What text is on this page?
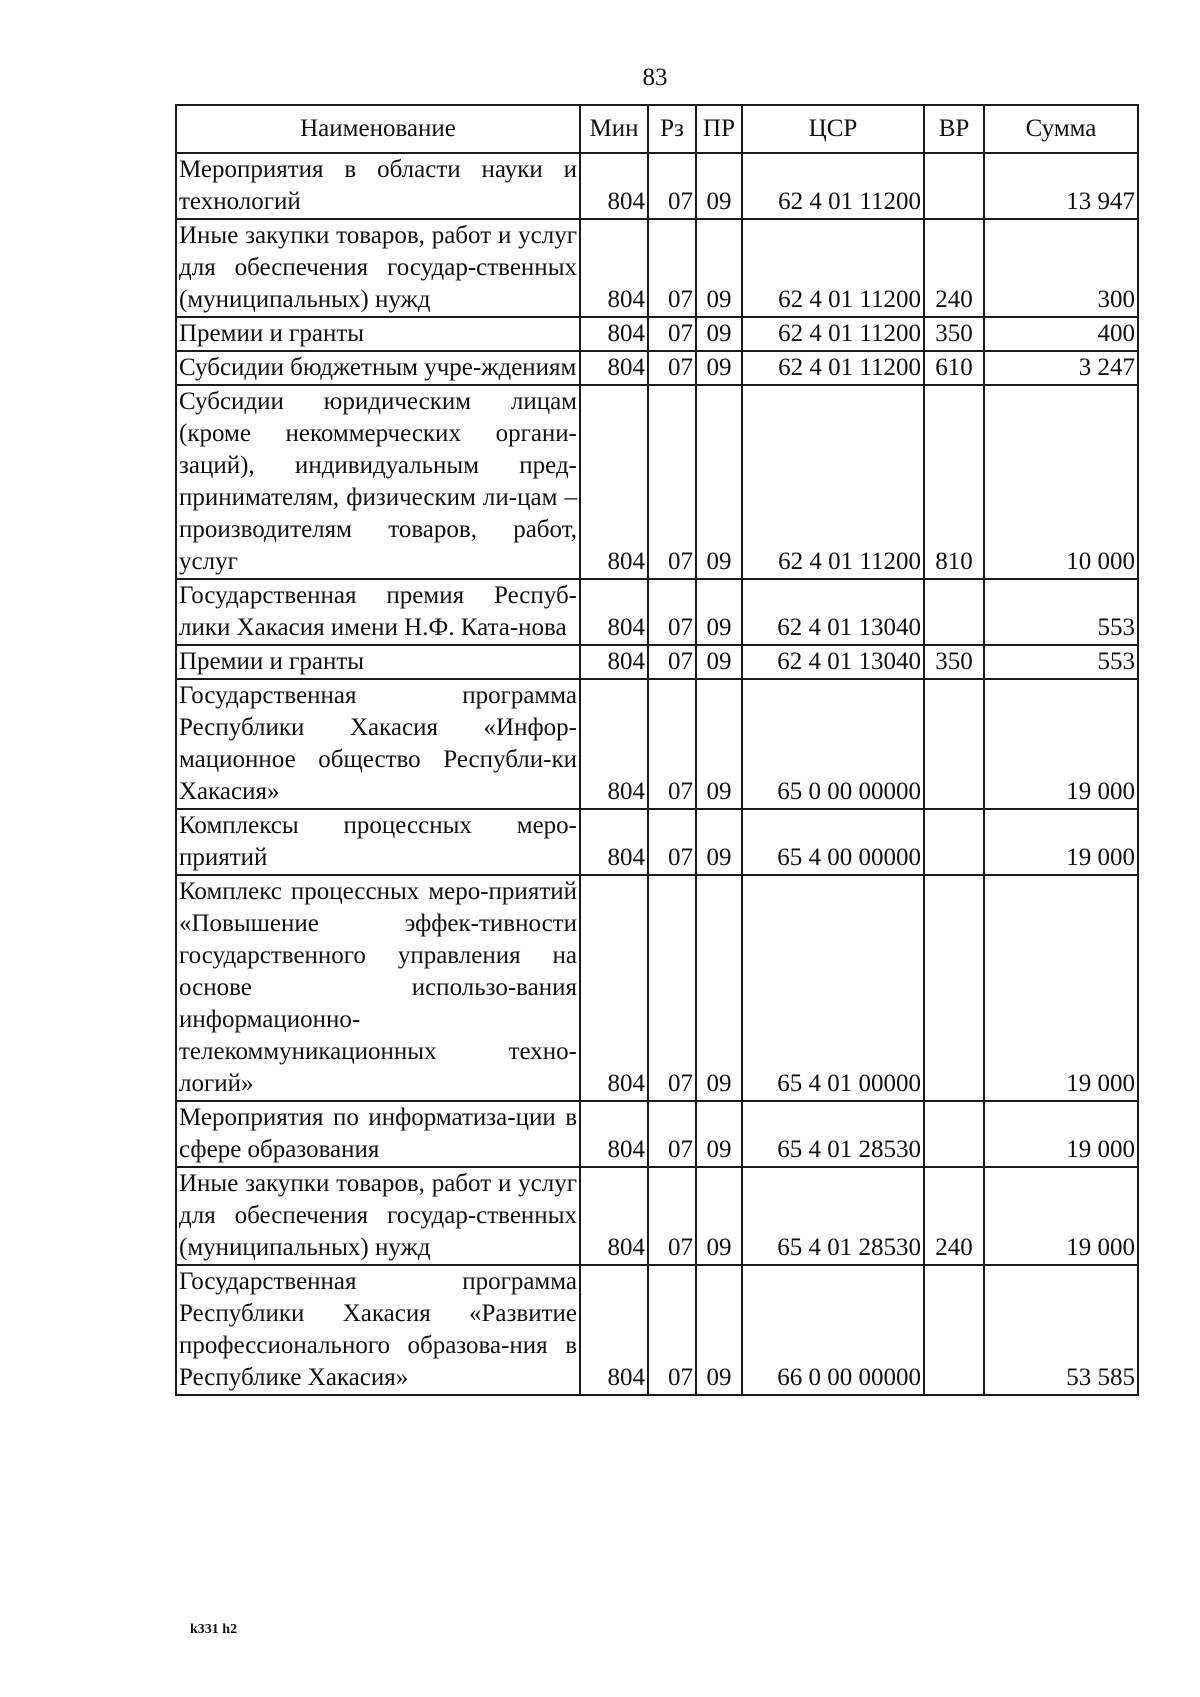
83
Наименование	Мин	Рз	ПР	ЦСР	ВР	Сумма
Мероприятия в области науки и технологий	804	07	09	62 4 01 11200		13 947
Иные закупки товаров, работ и услуг для обеспечения государ-ственных (муниципальных) нужд	804	07	09	62 4 01 11200	240	300
Премии и гранты	804	07	09	62 4 01 11200	350	400
Субсидии бюджетным учре-ждениям	804	07	09	62 4 01 11200	610	3 247
Субсидии юридическим лицам (кроме некоммерческих органи-заций), индивидуальным пред-принимателям, физическим ли-цам – производителям товаров, работ, услуг	804	07	09	62 4 01 11200	810	10 000
Государственная премия Респуб-лики Хакасия имени Н.Ф. Ката-нова	804	07	09	62 4 01 13040		553
Премии и гранты	804	07	09	62 4 01 13040	350	553
Государственная программа Республики Хакасия «Инфор-мационное общество Республи-ки Хакасия»	804	07	09	65 0 00 00000		19 000
Комплексы процессных меро-приятий	804	07	09	65 4 00 00000		19 000
Комплекс процессных меро-приятий «Повышение эффек-тивности государственного управления на основе использо-вания информационно-телекоммуникационных техно-логий»	804	07	09	65 4 01 00000		19 000
Мероприятия по информатиза-ции в сфере образования	804	07	09	65 4 01 28530		19 000
Иные закупки товаров, работ и услуг для обеспечения государ-ственных (муниципальных) нужд	804	07	09	65 4 01 28530	240	19 000
Государственная программа Республики Хакасия «Развитие профессионального образова-ния в Республике Хакасия»	804	07	09	66 0 00 00000		53 585
k331 h2
